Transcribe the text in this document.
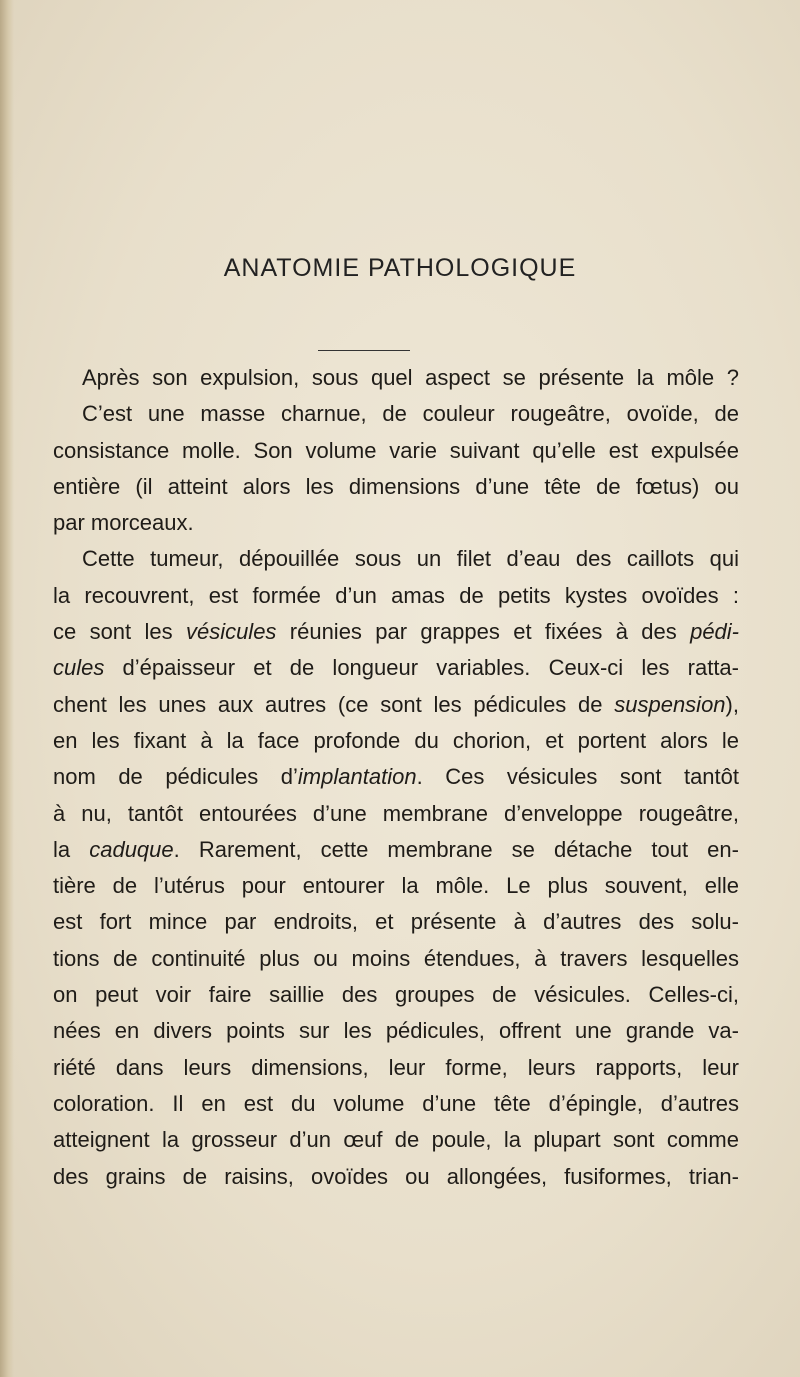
ANATOMIE PATHOLOGIQUE
Après son expulsion, sous quel aspect se présente la môle ?
C’est une masse charnue, de couleur rougeâtre, ovoïde, de
consistance molle. Son volume varie suivant qu’elle est expulsée
entière (il atteint alors les dimensions d’une tête de fœtus) ou
par morceaux.
Cette tumeur, dépouillée sous un filet d’eau des caillots qui
la recouvrent, est formée d’un amas de petits kystes ovoïdes :
ce sont les vésicules réunies par grappes et fixées à des pédi-
cules d’épaisseur et de longueur variables. Ceux-ci les ratta-
chent les unes aux autres (ce sont les pédicules de suspension),
en les fixant à la face profonde du chorion, et portent alors le
nom de pédicules d’implantation. Ces vésicules sont tantôt
à nu, tantôt entourées d’une membrane d’enveloppe rougeâtre,
la caduque. Rarement, cette membrane se détache tout en-
tière de l’utérus pour entourer la môle. Le plus souvent, elle
est fort mince par endroits, et présente à d’autres des solu-
tions de continuité plus ou moins étendues, à travers lesquelles
on peut voir faire saillie des groupes de vésicules. Celles-ci,
nées en divers points sur les pédicules, offrent une grande va-
riété dans leurs dimensions, leur forme, leurs rapports, leur
coloration. Il en est du volume d’une tête d’épingle, d’autres
atteignent la grosseur d’un œuf de poule, la plupart sont comme
des grains de raisins, ovoïdes ou allongées, fusiformes, trian-
